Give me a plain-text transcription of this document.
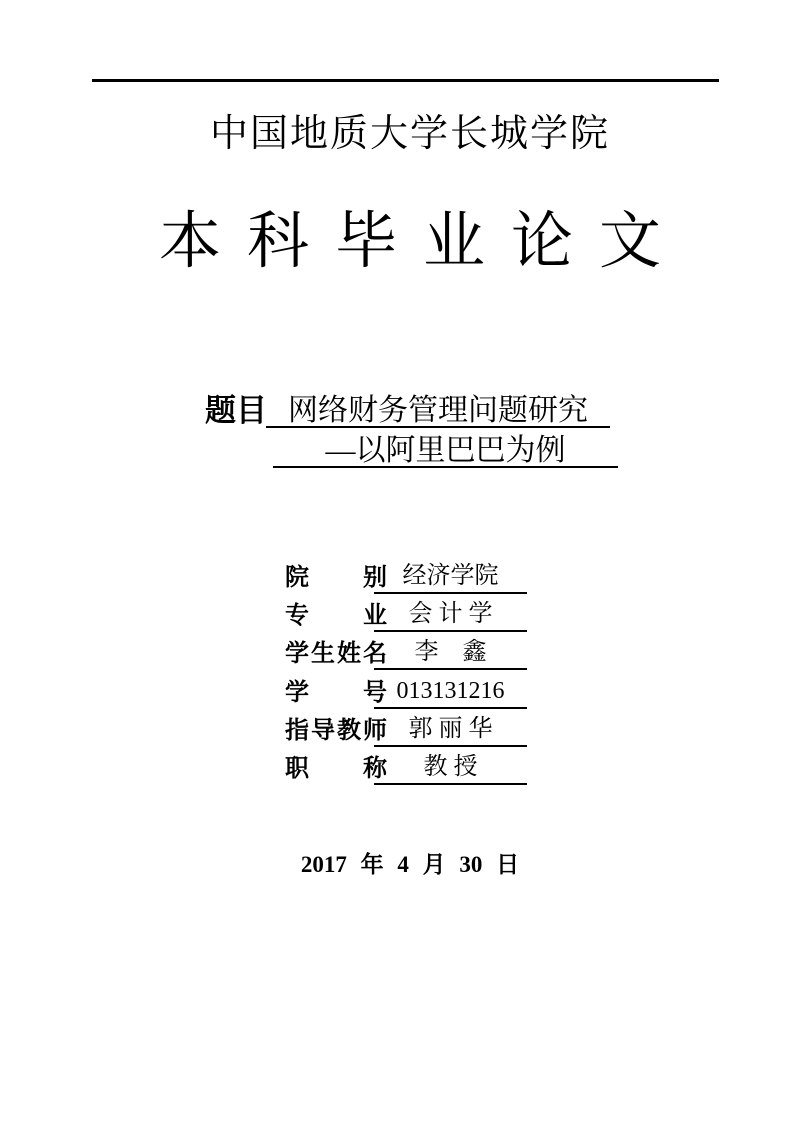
中国地质大学长城学院
本科毕业论文
题目 网络财务管理问题研究
—以阿里巴巴为例
院别 经济学院
专业 会 计 学
学生姓名	李　鑫
学号 013131216
指导教师 郭 丽 华
职称	教 授
2017 年 4 月 30 日
